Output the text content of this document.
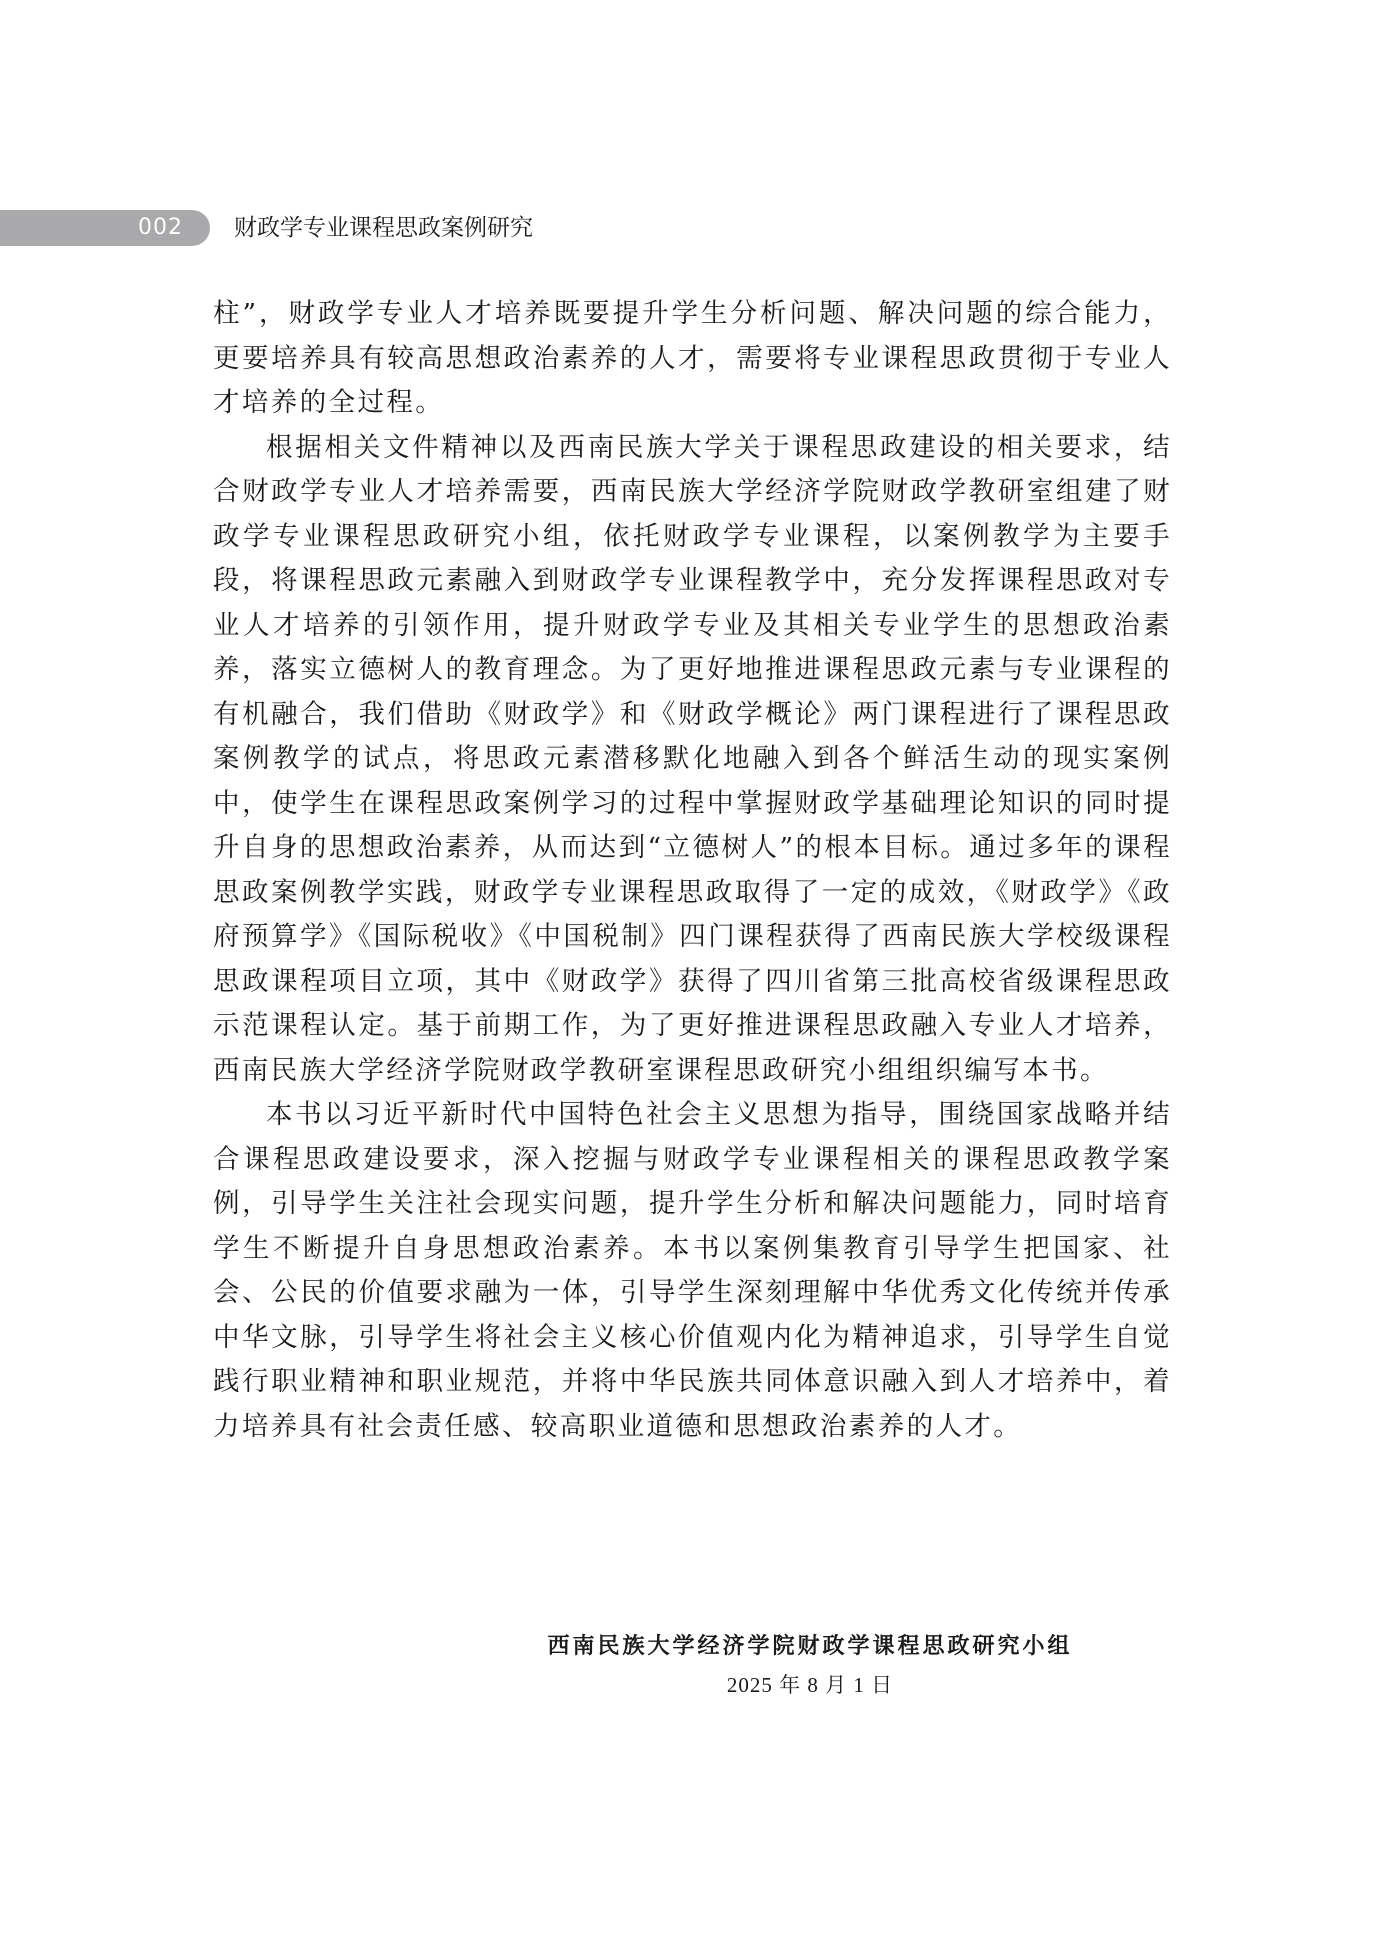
002 财政学专业课程思政案例研究

柱”，财政学专业人才培养既要提升学生分析问题、解决问题的综合能力，更要培养具有较高思想政治素养的人才，需要将专业课程思政贯彻于专业人才培养的全过程。

根据相关文件精神以及西南民族大学关于课程思政建设的相关要求，结合财政学专业人才培养需要，西南民族大学经济学院财政学教研室组建了财政学专业课程思政研究小组，依托财政学专业课程，以案例教学为主要手段，将课程思政元素融入到财政学专业课程教学中，充分发挥课程思政对专业人才培养的引领作用，提升财政学专业及其相关专业学生的思想政治素养，落实立德树人的教育理念。为了更好地推进课程思政元素与专业课程的有机融合，我们借助《财政学》和《财政学概论》两门课程进行了课程思政案例教学的试点，将思政元素潜移默化地融入到各个鲜活生动的现实案例中，使学生在课程思政案例学习的过程中掌握财政学基础理论知识的同时提升自身的思想政治素养，从而达到“立德树人”的根本目标。通过多年的课程思政案例教学实践，财政学专业课程思政取得了一定的成效，《财政学》《政府预算学》《国际税收》《中国税制》四门课程获得了西南民族大学校级课程思政课程项目立项，其中《财政学》获得了四川省第三批高校省级课程思政示范课程认定。基于前期工作，为了更好推进课程思政融入专业人才培养，西南民族大学经济学院财政学教研室课程思政研究小组组织编写本书。

本书以习近平新时代中国特色社会主义思想为指导，围绕国家战略并结合课程思政建设要求，深入挖掘与财政学专业课程相关的课程思政教学案例，引导学生关注社会现实问题，提升学生分析和解决问题能力，同时培育学生不断提升自身思想政治素养。本书以案例集教育引导学生把国家、社会、公民的价值要求融为一体，引导学生深刻理解中华优秀文化传统并传承中华文脉，引导学生将社会主义核心价值观内化为精神追求，引导学生自觉践行职业精神和职业规范，并将中华民族共同体意识融入到人才培养中，着力培养具有社会责任感、较高职业道德和思想政治素养的人才。

西南民族大学经济学院财政学课程思政研究小组
2025 年 8 月 1 日
